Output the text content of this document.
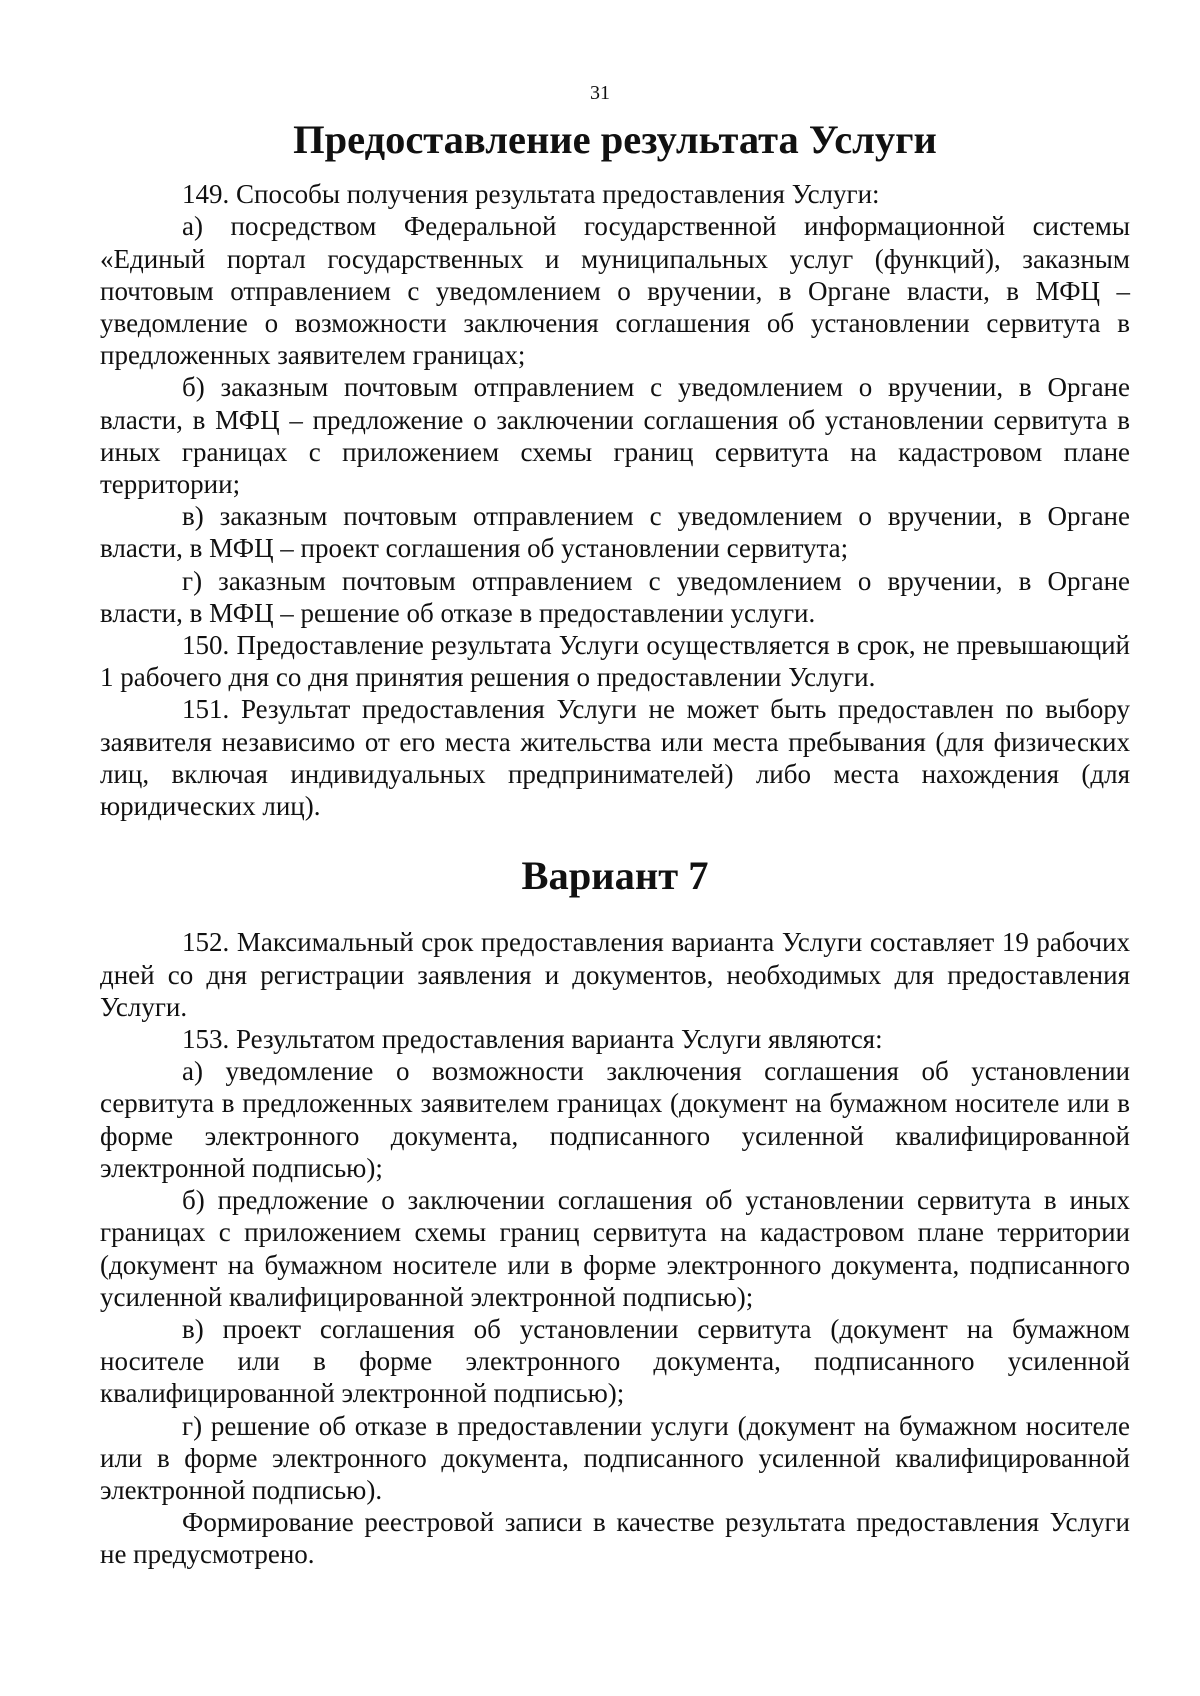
31
Предоставление результата Услуги

149. Способы получения результата предоставления Услуги:

а) посредством Федеральной государственной информационной системы «Единый портал государственных и муниципальных услуг (функций), заказным почтовым отправлением с уведомлением о вручении, в Органе власти, в МФЦ – уведомление о возможности заключения соглашения об установлении сервитута в предложенных заявителем границах;

б) заказным почтовым отправлением с уведомлением о вручении, в Органе власти, в МФЦ – предложение о заключении соглашения об установлении сервитута в иных границах с приложением схемы границ сервитута на кадастровом плане территории;

в) заказным почтовым отправлением с уведомлением о вручении, в Органе власти, в МФЦ – проект соглашения об установлении сервитута;

г) заказным почтовым отправлением с уведомлением о вручении, в Органе власти, в МФЦ – решение об отказе в предоставлении услуги.

150. Предоставление результата Услуги осуществляется в срок, не превышающий 1 рабочего дня со дня принятия решения о предоставлении Услуги.

151. Результат предоставления Услуги не может быть предоставлен по выбору заявителя независимо от его места жительства или места пребывания (для физических лиц, включая индивидуальных предпринимателей) либо места нахождения (для юридических лиц).

Вариант 7

152. Максимальный срок предоставления варианта Услуги составляет 19 рабочих дней со дня регистрации заявления и документов, необходимых для предоставления Услуги.

153. Результатом предоставления варианта Услуги являются:

а) уведомление о возможности заключения соглашения об установлении сервитута в предложенных заявителем границах (документ на бумажном носителе или в форме электронного документа, подписанного усиленной квалифицированной электронной подписью);

б) предложение о заключении соглашения об установлении сервитута в иных границах с приложением схемы границ сервитута на кадастровом плане территории (документ на бумажном носителе или в форме электронного документа, подписанного усиленной квалифицированной электронной подписью);

в) проект соглашения об установлении сервитута (документ на бумажном носителе или в форме электронного документа, подписанного усиленной квалифицированной электронной подписью);

г) решение об отказе в предоставлении услуги (документ на бумажном носителе или в форме электронного документа, подписанного усиленной квалифицированной электронной подписью).

Формирование реестровой записи в качестве результата предоставления Услуги не предусмотрено.
